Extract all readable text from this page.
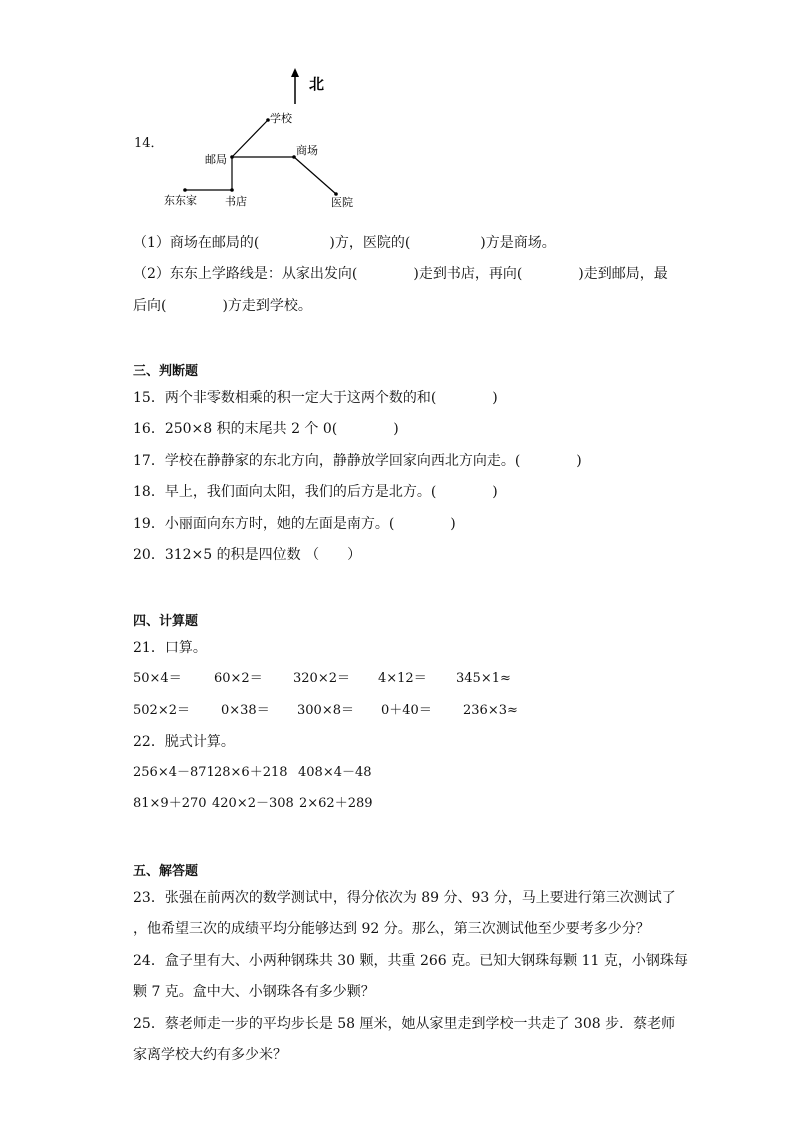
14．
北
学校
邮局
商场
东东家	书店	医院
（1）商场在邮局的(　　　　　)方，医院的(　　　　　)方是商场。
（2）东东上学路线是：从家出发向(　　　　)走到书店，再向(　　　　)走到邮局，最
后向(　　　　)方走到学校。
三、判断题
15．两个非零数相乘的积一定大于这两个数的和(　　　　)
16．250×8 积的末尾共 2 个 0(　　　　)
17．学校在静静家的东北方向，静静放学回家向西北方向走。(　　　　)
18．早上，我们面向太阳，我们的后方是北方。(　　　　)
19．小丽面向东方时，她的左面是南方。(　　　　)
20．312×5 的积是四位数 （　　）
四、计算题
21．口算。
50×4＝ 60×2＝ 320×2＝ 4×12＝ 345×1≈
502×2＝ 0×38＝ 300×8＝ 0＋40＝ 236×3≈
22．脱式计算。
256×4－871 28×6＋218 408×4－48
81×9＋270 420×2－308 2×62＋289
五、解答题
23．张强在前两次的数学测试中，得分依次为 89 分、93 分，马上要进行第三次测试了
，他希望三次的成绩平均分能够达到 92 分。那么，第三次测试他至少要考多少分？
24．盒子里有大、小两种钢珠共 30 颗，共重 266 克。已知大钢珠每颗 11 克，小钢珠每
颗 7 克。盒中大、小钢珠各有多少颗？
25．蔡老师走一步的平均步长是 58 厘米，她从家里走到学校一共走了 308 步．蔡老师
家离学校大约有多少米？
